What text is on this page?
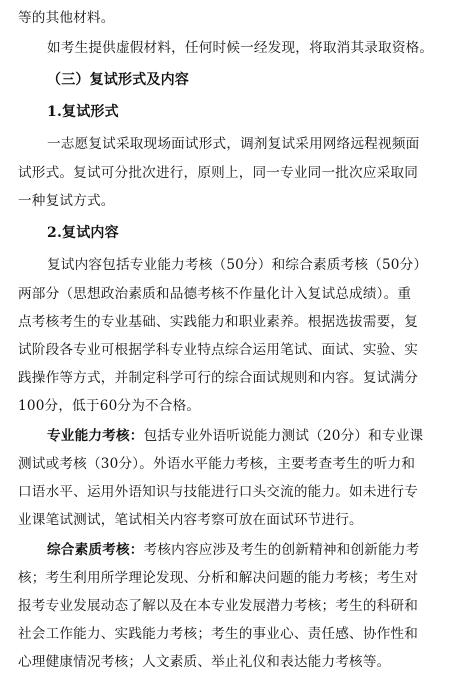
等的其他材料。
如考生提供虚假材料，任何时候一经发现，将取消其录取资格。
（三）复试形式及内容
1.复试形式
一志愿复试采取现场面试形式，调剂复试采用网络远程视频面
试形式。复试可分批次进行，原则上，同一专业同一批次应采取同
一种复试方式。
2.复试内容
复试内容包括专业能力考核（50分）和综合素质考核（50分）
两部分（思想政治素质和品德考核不作量化计入复试总成绩）。重
点考核考生的专业基础、实践能力和职业素养。根据选拔需要，复
试阶段各专业可根据学科专业特点综合运用笔试、面试、实验、实
践操作等方式，并制定科学可行的综合面试规则和内容。复试满分
100分，低于60分为不合格。
专业能力考核：包括专业外语听说能力测试（20分）和专业课
测试或考核（30分）。外语水平能力考核，主要考查考生的听力和
口语水平、运用外语知识与技能进行口头交流的能力。如未进行专
业课笔试测试，笔试相关内容考察可放在面试环节进行。
综合素质考核：考核内容应涉及考生的创新精神和创新能力考
核；考生利用所学理论发现、分析和解决问题的能力考核；考生对
报考专业发展动态了解以及在本专业发展潜力考核；考生的科研和
社会工作能力、实践能力考核；考生的事业心、责任感、协作性和
心理健康情况考核；人文素质、举止礼仪和表达能力考核等。
